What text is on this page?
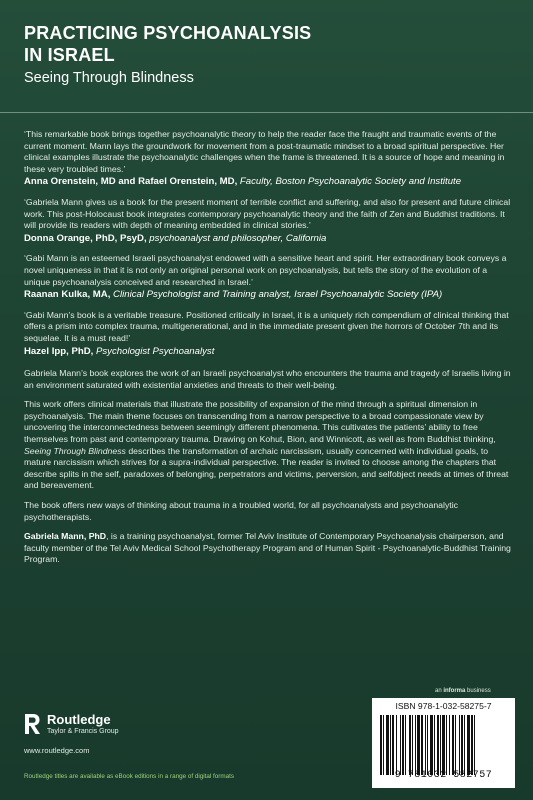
PRACTICING PSYCHOANALYSIS
IN ISRAEL
Seeing Through Blindness
‘This remarkable book brings together psychoanalytic theory to help the reader face the fraught and traumatic events of the current moment. Mann lays the groundwork for movement from a post-traumatic mindset to a broad spiritual perspective. Her clinical examples illustrate the psychoanalytic challenges when the frame is threatened. It is a source of hope and meaning in these very troubled times.’
Anna Orenstein, MD and Rafael Orenstein, MD, Faculty, Boston Psychoanalytic Society and Institute
‘Gabriela Mann gives us a book for the present moment of terrible conflict and suffering, and also for present and future clinical work. This post-Holocaust book integrates contemporary psychoanalytic theory and the faith of Zen and Buddhist traditions. It will provide its readers with depth of meaning embedded in clinical stories.’
Donna Orange, PhD, PsyD, psychoanalyst and philosopher, California
‘Gabi Mann is an esteemed Israeli psychoanalyst endowed with a sensitive heart and spirit. Her extraordinary book conveys a novel uniqueness in that it is not only an original personal work on psychoanalysis, but tells the story of the evolution of a unique psychoanalysis conceived and researched in Israel.’
Raanan Kulka, MA, Clinical Psychologist and Training analyst, Israel Psychoanalytic Society (IPA)
‘Gabi Mann’s book is a veritable treasure. Positioned critically in Israel, it is a uniquely rich compendium of clinical thinking that offers a prism into complex trauma, multigenerational, and in the immediate present given the horrors of October 7th and its sequelae. It is a must read!’
Hazel Ipp, PhD, Psychologist Psychoanalyst

Gabriela Mann’s book explores the work of an Israeli psychoanalyst who encounters the trauma and tragedy of Israelis living in an environment saturated with existential anxieties and threats to their well-being.

This work offers clinical materials that illustrate the possibility of expansion of the mind through a spiritual dimension in psychoanalysis. The main theme focuses on transcending from a narrow perspective to a broad compassionate view by uncovering the interconnectedness between seemingly different phenomena. This cultivates the patients’ ability to free themselves from past and contemporary trauma. Drawing on Kohut, Bion, and Winnicott, as well as from Buddhist thinking, Seeing Through Blindness describes the transformation of archaic narcissism, usually concerned with individual goals, to mature narcissism which strives for a supra-individual perspective. The reader is invited to choose among the chapters that describe splits in the self, paradoxes of belonging, perpetrators and victims, perversion, and selfobject needs at times of threat and bereavement.

The book offers new ways of thinking about trauma in a troubled world, for all psychoanalysts and psychoanalytic psychotherapists.

Gabriela Mann, PhD, is a training psychoanalyst, former Tel Aviv Institute of Contemporary Psychoanalysis chairperson, and faculty member of the Tel Aviv Medical School Psychotherapy Program and of Human Spirit - Psychoanalytic-Buddhist Training Program.
an informa business
Routledge
Taylor & Francis Group
www.routledge.com
Routledge titles are available as eBook editions in a range of digital formats
ISBN 978-1-032-58275-7
9 781032 582757
